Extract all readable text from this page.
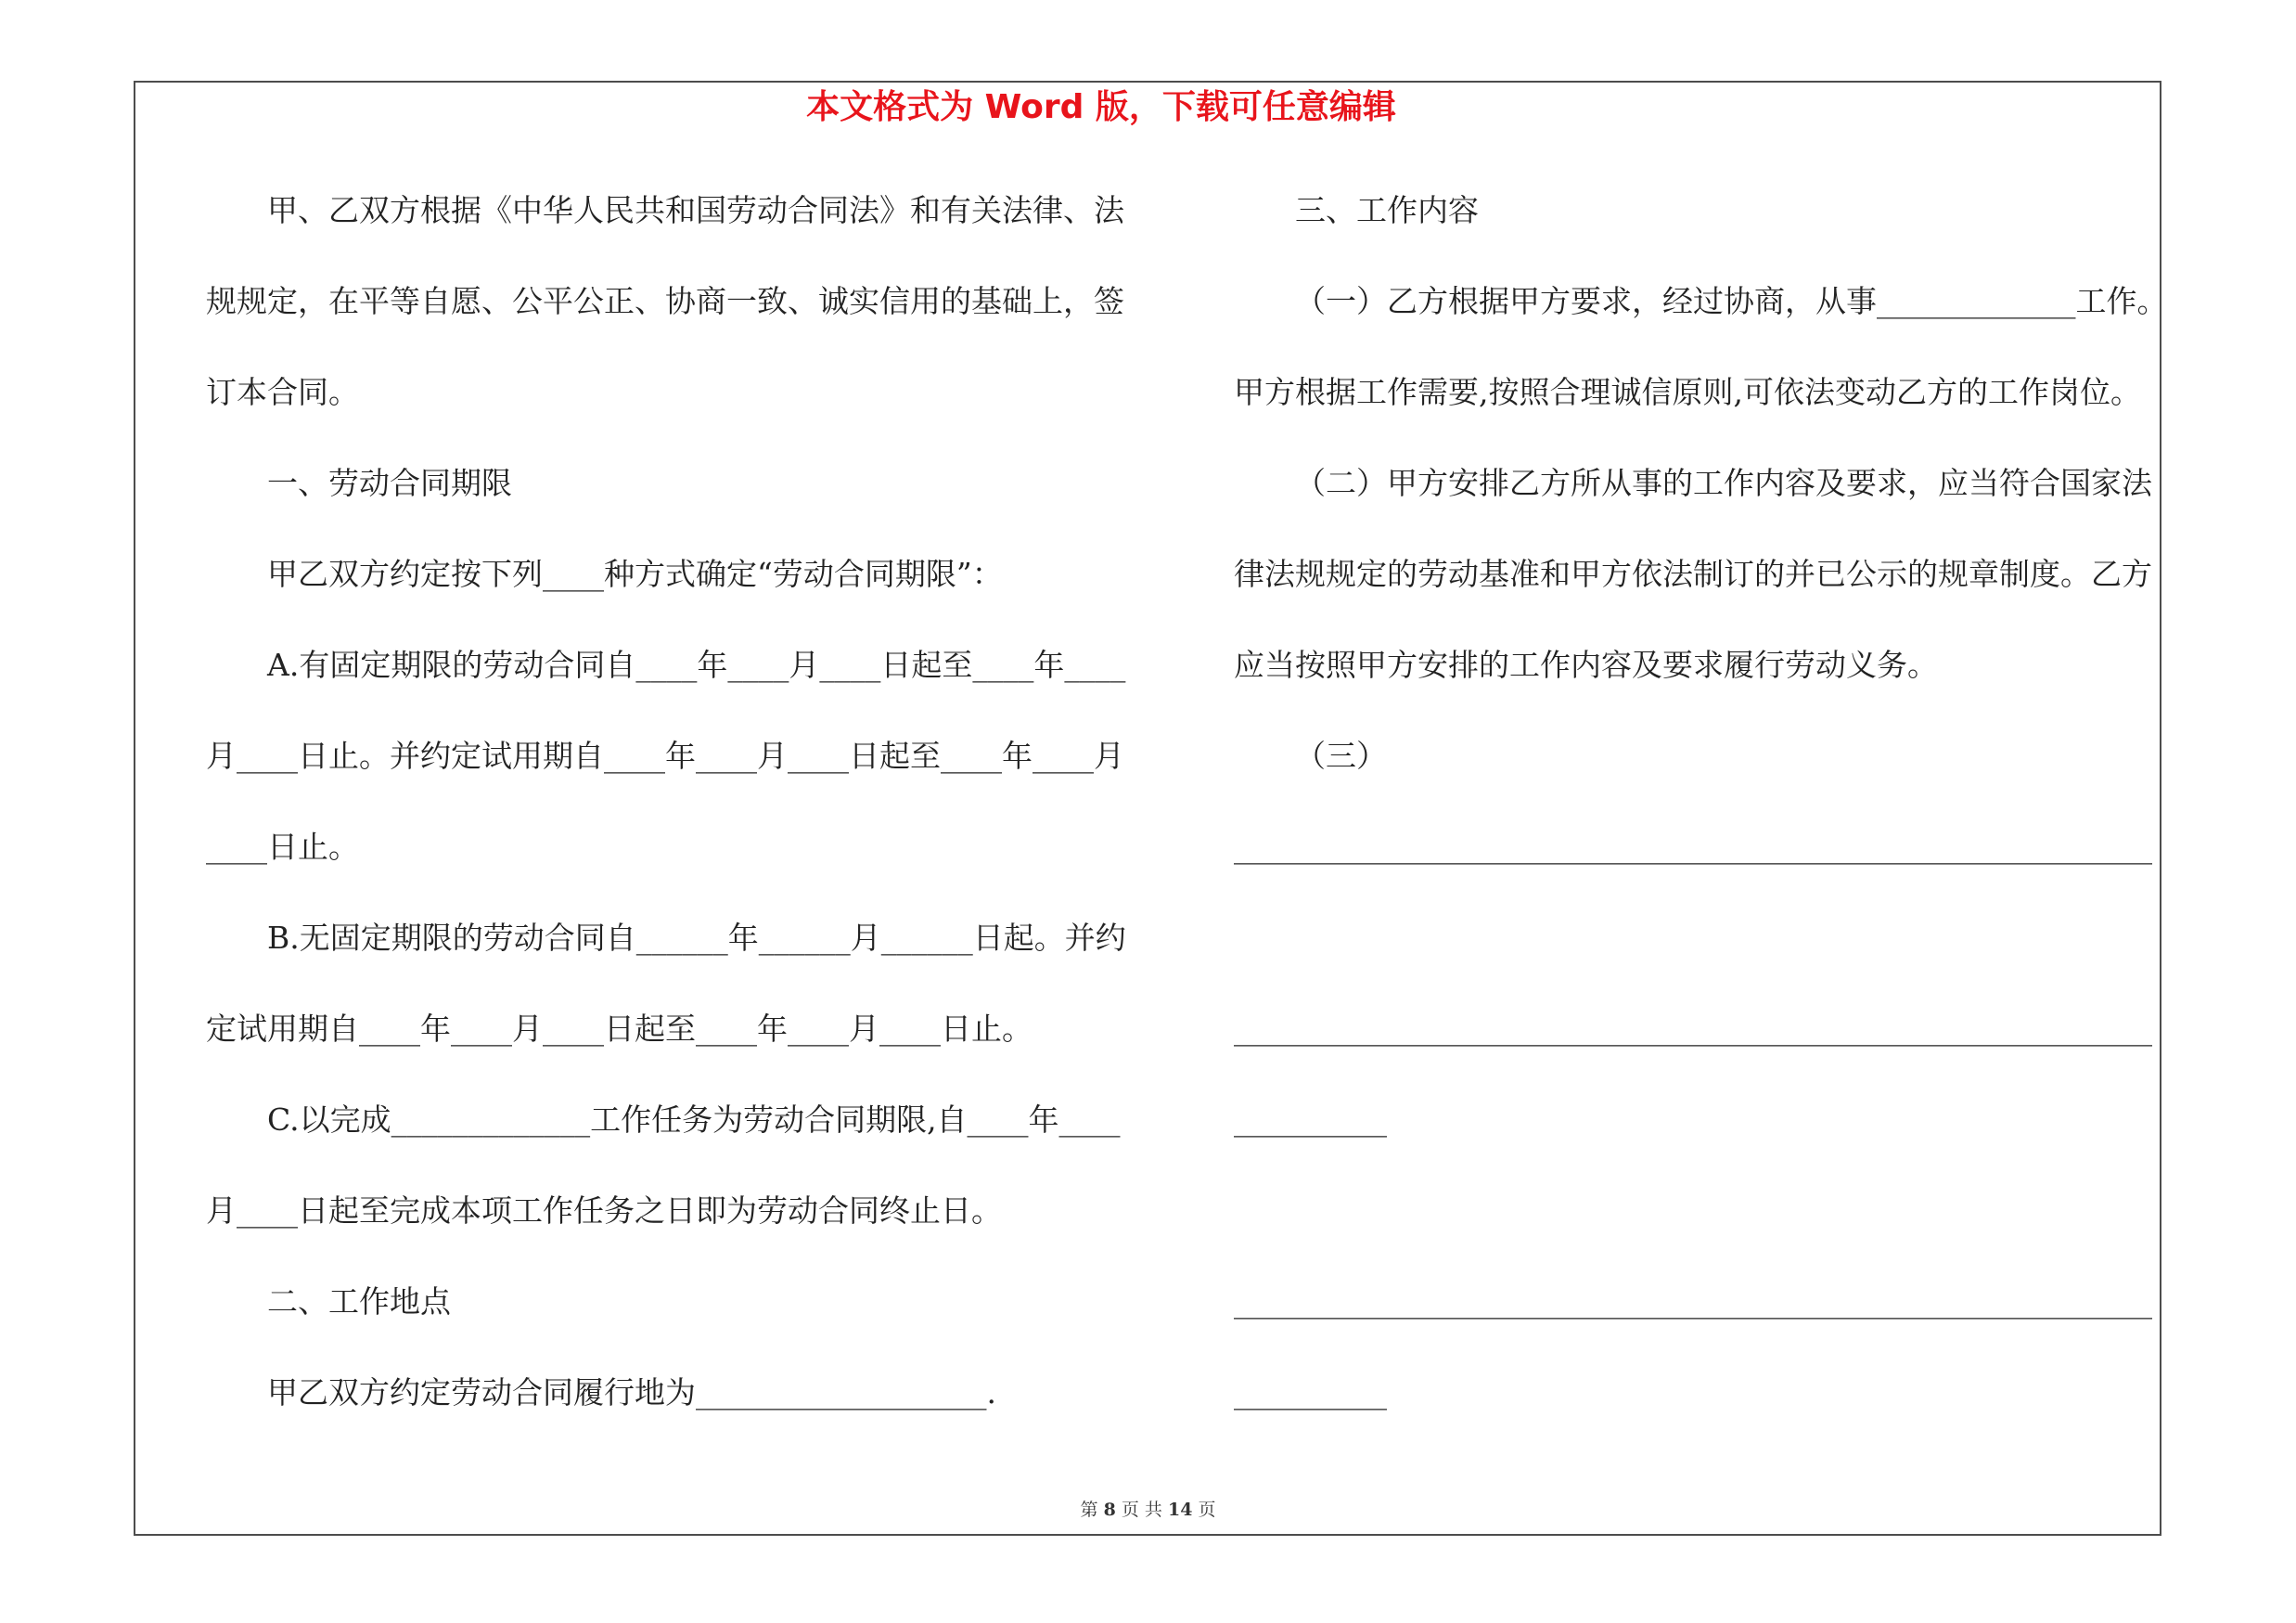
本文格式为 Word 版，下载可任意编辑
甲、乙双方根据《中华人民共和国劳动合同法》和有关法律、法
规规定，在平等自愿、公平公正、协商一致、诚实信用的基础上，签
订本合同。
一、劳动合同期限
甲乙双方约定按下列____种方式确定“劳动合同期限”：
A.有固定期限的劳动合同自____年____月____日起至____年____
月____日止。并约定试用期自____年____月____日起至____年____月
____日止。
B.无固定期限的劳动合同自______年______月______日起。并约
定试用期自____年____月____日起至____年____月____日止。
C.以完成_____________工作任务为劳动合同期限,自____年____
月____日起至完成本项工作任务之日即为劳动合同终止日。
二、工作地点
甲乙双方约定劳动合同履行地为___________________.
三、工作内容
（一）乙方根据甲方要求，经过协商，从事_____________工作。
甲方根据工作需要,按照合理诚信原则,可依法变动乙方的工作岗位。
（二）甲方安排乙方所从事的工作内容及要求，应当符合国家法
律法规规定的劳动基准和甲方依法制订的并已公示的规章制度。乙方
应当按照甲方安排的工作内容及要求履行劳动义务。
（三）
____________________________________________________________
____________________________________________________________
__________
____________________________________________________________
__________
第 8 页 共 14 页
